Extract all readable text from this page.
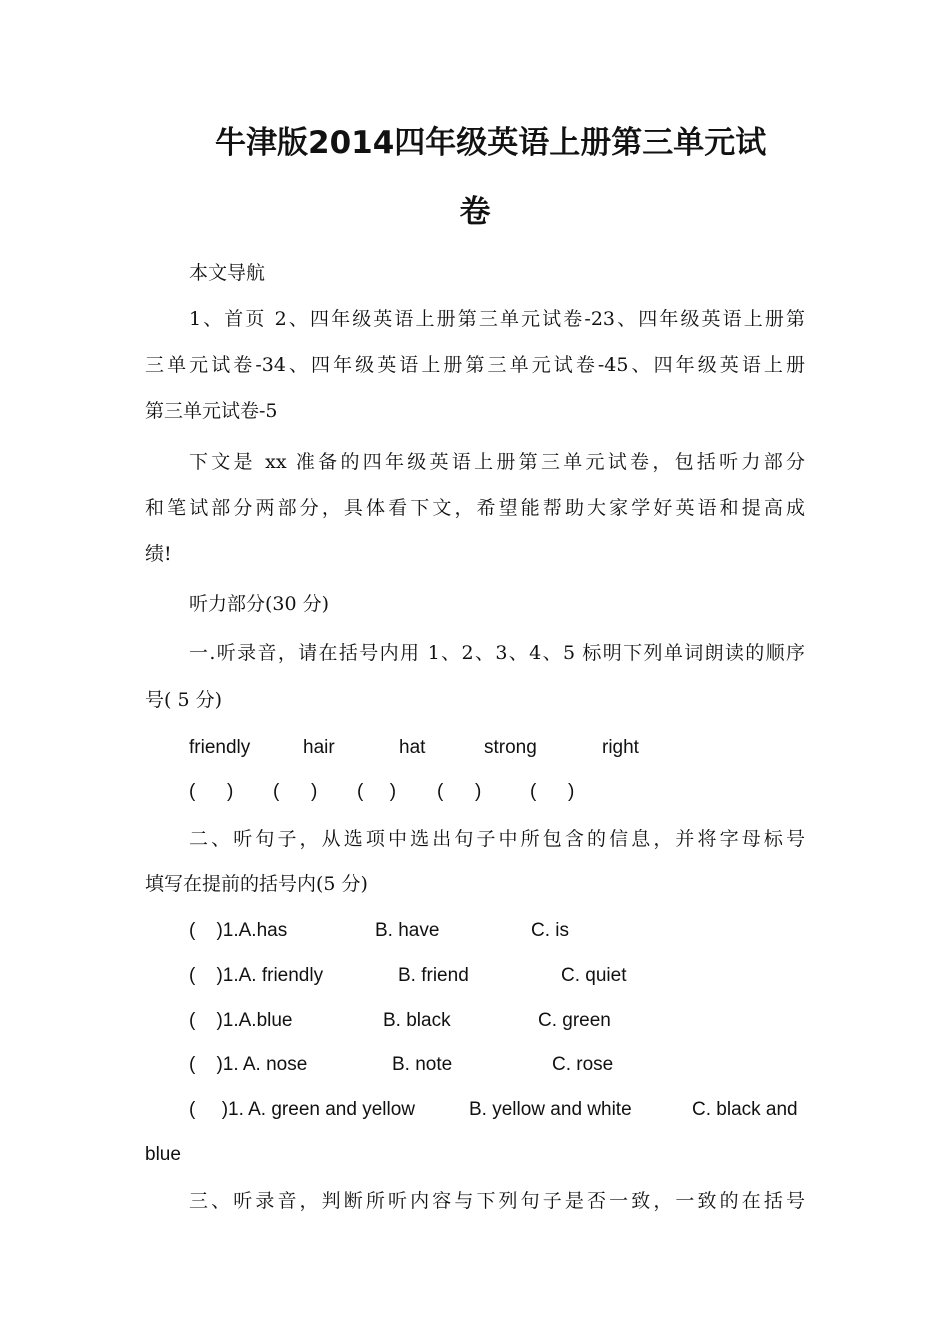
牛津版2014四年级英语上册第三单元试
卷
本文导航
1、首页 2、四年级英语上册第三单元试卷-23、四年级英语上册第
三单元试卷-34、四年级英语上册第三单元试卷-45、四年级英语上册
第三单元试卷-5
下文是 xx 准备的四年级英语上册第三单元试卷，包括听力部分
和笔试部分两部分，具体看下文，希望能帮助大家学好英语和提高成
绩!
听力部分(30 分)
一.听录音，请在括号内用 1、2、3、4、5 标明下列单词朗读的顺序
号( 5 分)
friendly	hair	hat	strong	right
(      ) (      ) (     ) (      )	(      )
二、听句子，从选项中选出句子中所包含的信息，并将字母标号
填写在提前的括号内(5 分)
(    )1.A.has	B. have	C. is
(    )1.A. friendly	B. friend	C. quiet
(    )1.A.blue	B. black	C. green
(    )1. A. nose	B. note	C. rose
(     )1. A. green and yellow	B. yellow and white	C. black and
blue
三、听录音，判断所听内容与下列句子是否一致，一致的在括号
